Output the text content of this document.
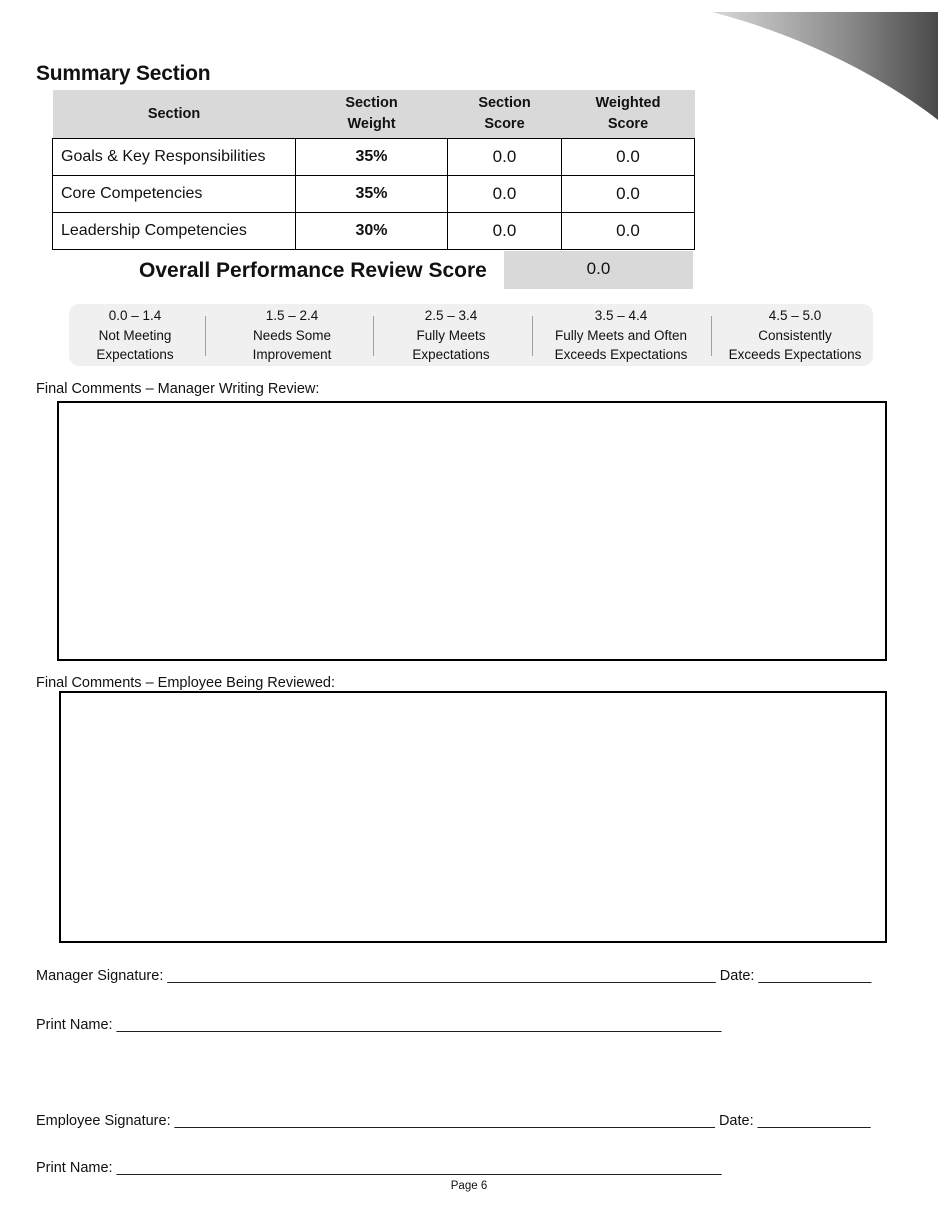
Summary Section
Section	Section Weight	Section Score	Weighted Score
Goals & Key Responsibilities	35%	0.0	0.0
Core Competencies	35%	0.0	0.0
Leadership Competencies	30%	0.0	0.0
Overall Performance Review Score	0.0
0.0 – 1.4
Not Meeting
Expectations
1.5 – 2.4
Needs Some
Improvement
2.5 – 3.4
Fully Meets
Expectations
3.5 – 4.4
Fully Meets and Often
Exceeds Expectations
4.5 – 5.0
Consistently
Exceeds Expectations
Final Comments – Manager Writing Review:
Final Comments – Employee Being Reviewed:
Manager Signature: ____________________________________________________________________ Date: ______________
Print Name: ___________________________________________________________________________
Employee Signature: ___________________________________________________________________ Date: ______________
Print Name: ___________________________________________________________________________
Page 6
